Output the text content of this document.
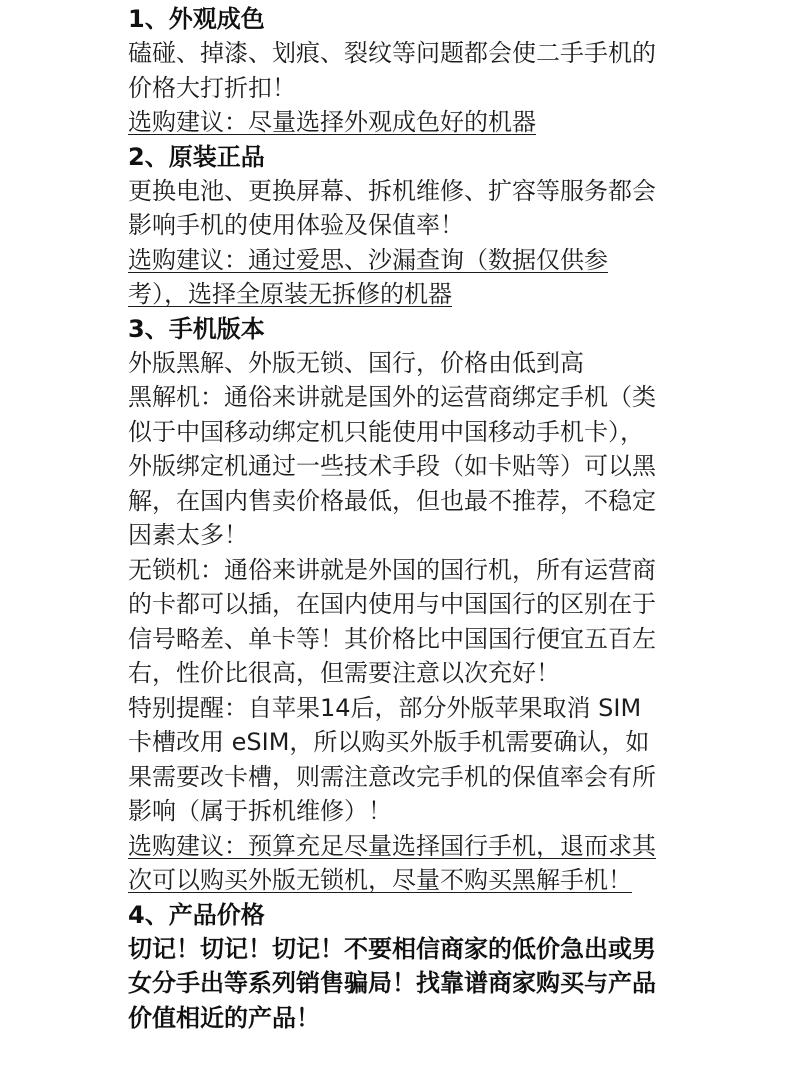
1、外观成色
磕碰、掉漆、划痕、裂纹等问题都会使二手手机的
价格大打折扣！
选购建议：尽量选择外观成色好的机器
2、原装正品
更换电池、更换屏幕、拆机维修、扩容等服务都会
影响手机的使用体验及保值率！
选购建议：通过爱思、沙漏查询（数据仅供参
考），选择全原装无拆修的机器
3、手机版本
外版黑解、外版无锁、国行，价格由低到高
黑解机：通俗来讲就是国外的运营商绑定手机（类
似于中国移动绑定机只能使用中国移动手机卡），
外版绑定机通过一些技术手段（如卡贴等）可以黑
解，在国内售卖价格最低，但也最不推荐，不稳定
因素太多！
无锁机：通俗来讲就是外国的国行机，所有运营商
的卡都可以插，在国内使用与中国国行的区别在于
信号略差、单卡等！其价格比中国国行便宜五百左
右，性价比很高，但需要注意以次充好！
特别提醒：自苹果14后，部分外版苹果取消 SIM
卡槽改用 eSIM，所以购买外版手机需要确认，如
果需要改卡槽，则需注意改完手机的保值率会有所
影响（属于拆机维修）！
选购建议：预算充足尽量选择国行手机，退而求其
次可以购买外版无锁机，尽量不购买黑解手机！
4、产品价格
切记！切记！切记！不要相信商家的低价急出或男
女分手出等系列销售骗局！找靠谱商家购买与产品
价值相近的产品！
